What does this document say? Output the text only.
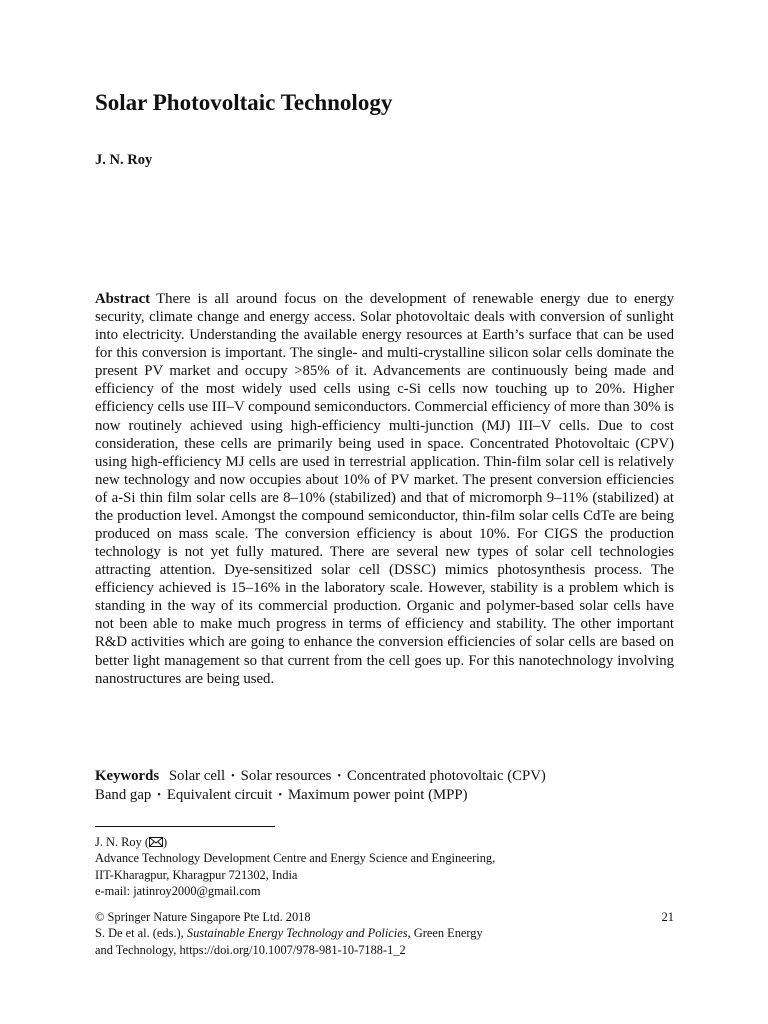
Solar Photovoltaic Technology
J. N. Roy
Abstract There is all around focus on the development of renewable energy due to energy security, climate change and energy access. Solar photovoltaic deals with conversion of sunlight into electricity. Understanding the available energy resources at Earth’s surface that can be used for this conversion is important. The single- and multi-crystalline silicon solar cells dominate the present PV market and occupy >85% of it. Advancements are continuously being made and efficiency of the most widely used cells using c-Si cells now touching up to 20%. Higher efficiency cells use III–V compound semiconductors. Commercial efficiency of more than 30% is now routinely achieved using high-efficiency multi-junction (MJ) III–V cells. Due to cost consideration, these cells are primarily being used in space. Concentrated Photovoltaic (CPV) using high-efficiency MJ cells are used in terrestrial application. Thin-film solar cell is relatively new technology and now occupies about 10% of PV market. The present conversion efficiencies of a-Si thin film solar cells are 8–10% (stabilized) and that of micromorph 9–11% (stabilized) at the production level. Amongst the compound semiconductor, thin-film solar cells CdTe are being produced on mass scale. The conversion efficiency is about 10%. For CIGS the production technology is not yet fully matured. There are several new types of solar cell technologies attracting attention. Dye-sensitized solar cell (DSSC) mimics photosynthesis process. The efficiency achieved is 15–16% in the laboratory scale. However, stability is a problem which is standing in the way of its commercial production. Organic and polymer-based solar cells have not been able to make much progress in terms of efficiency and stability. The other important R&D activities which are going to enhance the conversion efficiencies of solar cells are based on better light management so that current from the cell goes up. For this nanotechnology involving nanostructures are being used.
Keywords Solar cell • Solar resources • Concentrated photovoltaic (CPV)
Band gap • Equivalent circuit • Maximum power point (MPP)
J. N. Roy ( )
Advance Technology Development Centre and Energy Science and Engineering,
IIT-Kharagpur, Kharagpur 721302, India
e-mail: jatinroy2000@gmail.com
© Springer Nature Singapore Pte Ltd. 2018
S. De et al. (eds.), Sustainable Energy Technology and Policies, Green Energy
and Technology, https://doi.org/10.1007/978-981-10-7188-1_2
21
